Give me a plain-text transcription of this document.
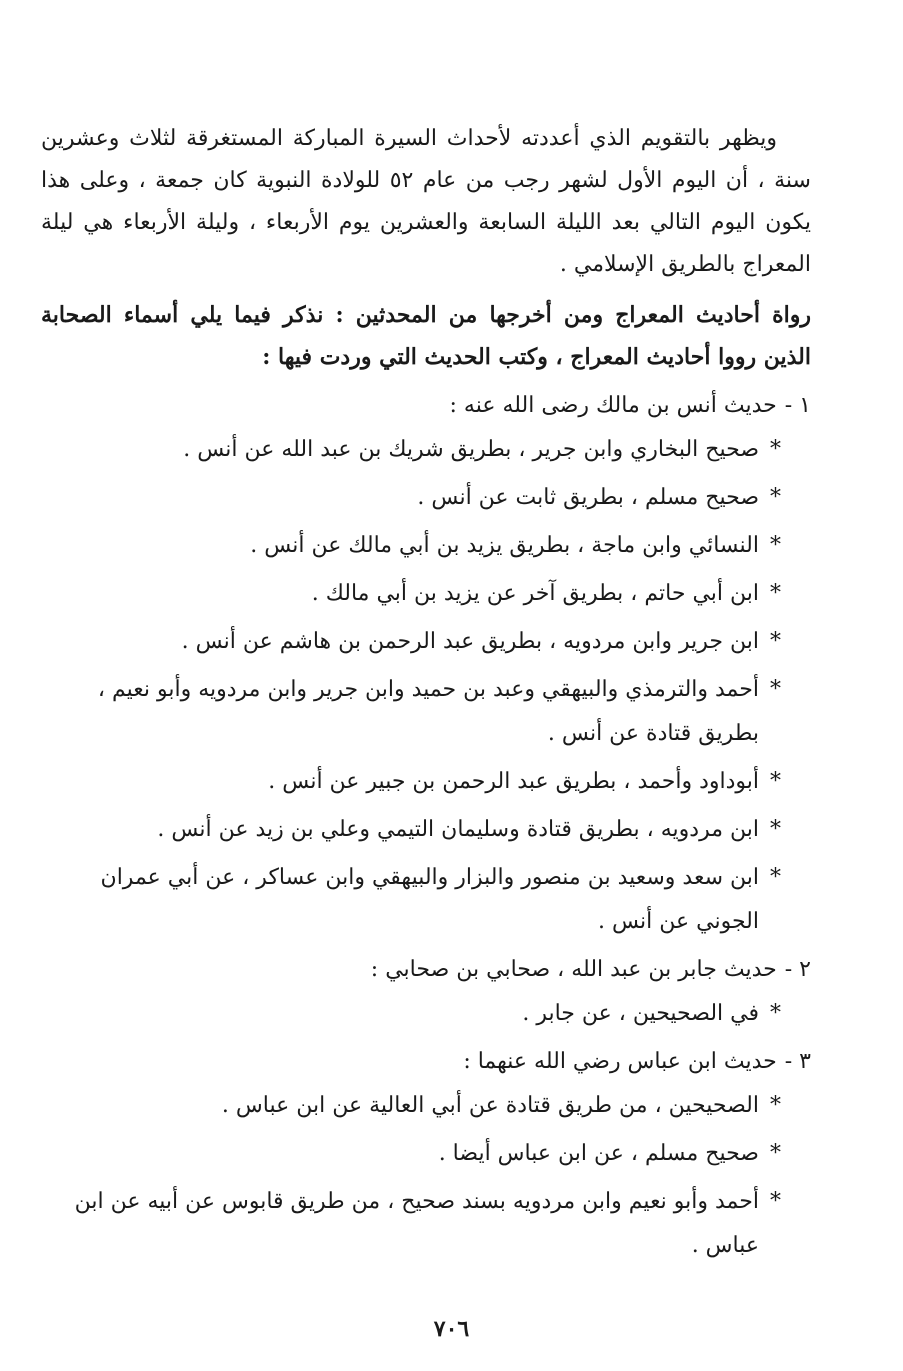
ويظهر بالتقويم الذي أعددته لأحداث السيرة المباركة المستغرقة لثلاث وعشرين سنة ، أن اليوم الأول لشهر رجب من عام ٥٢ للولادة النبوية كان جمعة ، وعلى هذا يكون اليوم التالي بعد الليلة السابعة والعشرين يوم الأربعاء ، وليلة الأربعاء هي ليلة المعراج بالطريق الإسلامي .

رواة أحاديث المعراج ومن أخرجها من المحدثين : نذكر فيما يلي أسماء الصحابة الذين رووا أحاديث المعراج ، وكتب الحديث التي وردت فيها :

١ -حديث أنس بن مالك رضى الله عنه :
*
صحيح البخاري وابن جرير ، بطريق شريك بن عبد الله عن أنس .
*
صحيح مسلم ، بطريق ثابت عن أنس .
*
النسائي وابن ماجة ، بطريق يزيد بن أبي مالك عن أنس .
*
ابن أبي حاتم ، بطريق آخر عن يزيد بن أبي مالك .
*
ابن جرير وابن مردويه ، بطريق عبد الرحمن بن هاشم عن أنس .
*
أحمد والترمذي والبيهقي وعبد بن حميد وابن جرير وابن مردويه وأبو نعيم ، بطريق قتادة عن أنس .
*
أبوداود وأحمد ، بطريق عبد الرحمن بن جبير عن أنس .
*
ابن مردويه ، بطريق قتادة وسليمان التيمي وعلي بن زيد عن أنس .
*
ابن سعد وسعيد بن منصور والبزار والبيهقي وابن عساكر ، عن أبي عمران الجوني عن أنس .
٢ -حديث جابر بن عبد الله ، صحابي بن صحابي :
*
في الصحيحين ، عن جابر .
٣ -حديث ابن عباس رضي الله عنهما :
*
الصحيحين ، من طريق قتادة عن أبي العالية عن ابن عباس .
*
صحيح مسلم ، عن ابن عباس أيضا .
*
أحمد وأبو نعيم وابن مردويه بسند صحيح ، من طريق قابوس عن أبيه عن ابن عباس .
٧٠٦
